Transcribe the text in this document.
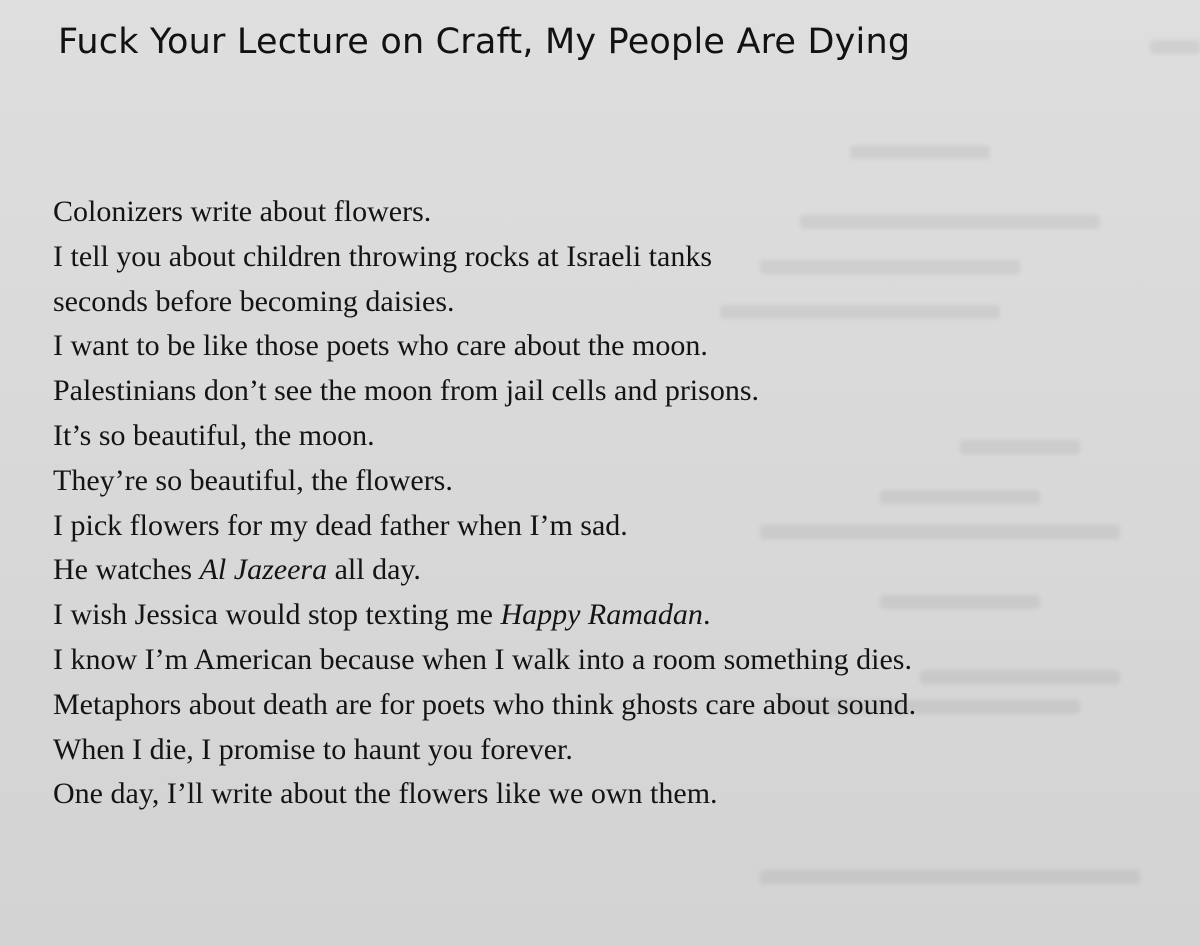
Fuck Your Lecture on Craft, My People Are Dying
Colonizers write about flowers.
I tell you about children throwing rocks at Israeli tanks
seconds before becoming daisies.
I want to be like those poets who care about the moon.
Palestinians don’t see the moon from jail cells and prisons.
It’s so beautiful, the moon.
They’re so beautiful, the flowers.
I pick flowers for my dead father when I’m sad.
He watches Al Jazeera all day.
I wish Jessica would stop texting me Happy Ramadan.
I know I’m American because when I walk into a room something dies.
Metaphors about death are for poets who think ghosts care about sound.
When I die, I promise to haunt you forever.
One day, I’ll write about the flowers like we own them.
